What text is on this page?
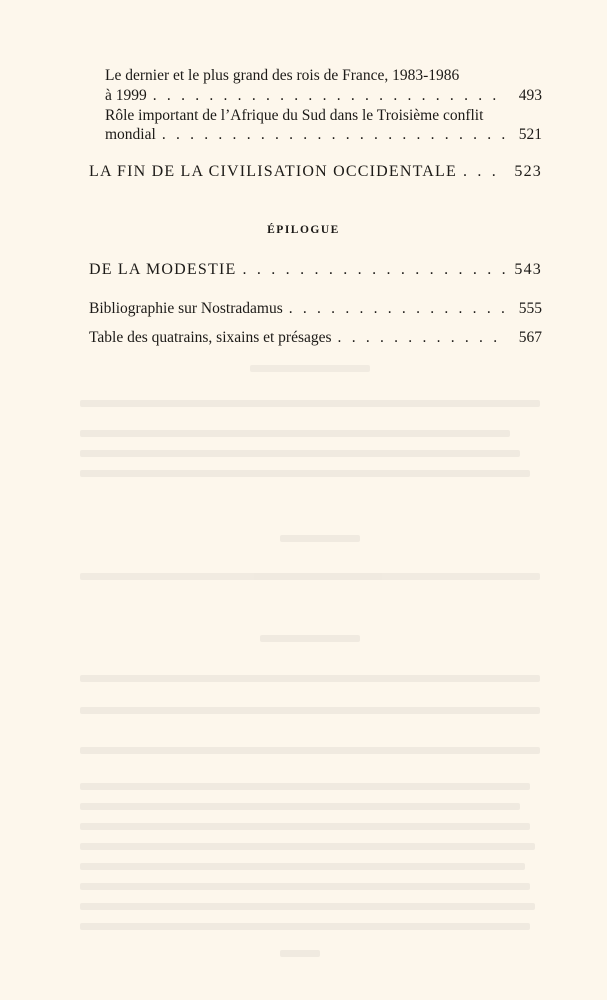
Le dernier et le plus grand des rois de France, 1983-1986
à 1999 . . .	493
Rôle important de l’Afrique du Sud dans le Troisième conflit
mondial . . .	521
LA FIN DE LA CIVILISATION OCCIDENTALE . . .	523
ÉPILOGUE
DE LA MODESTIE . . .	543
Bibliographie sur Nostradamus . . .	555
Table des quatrains, sixains et présages . . .	567
